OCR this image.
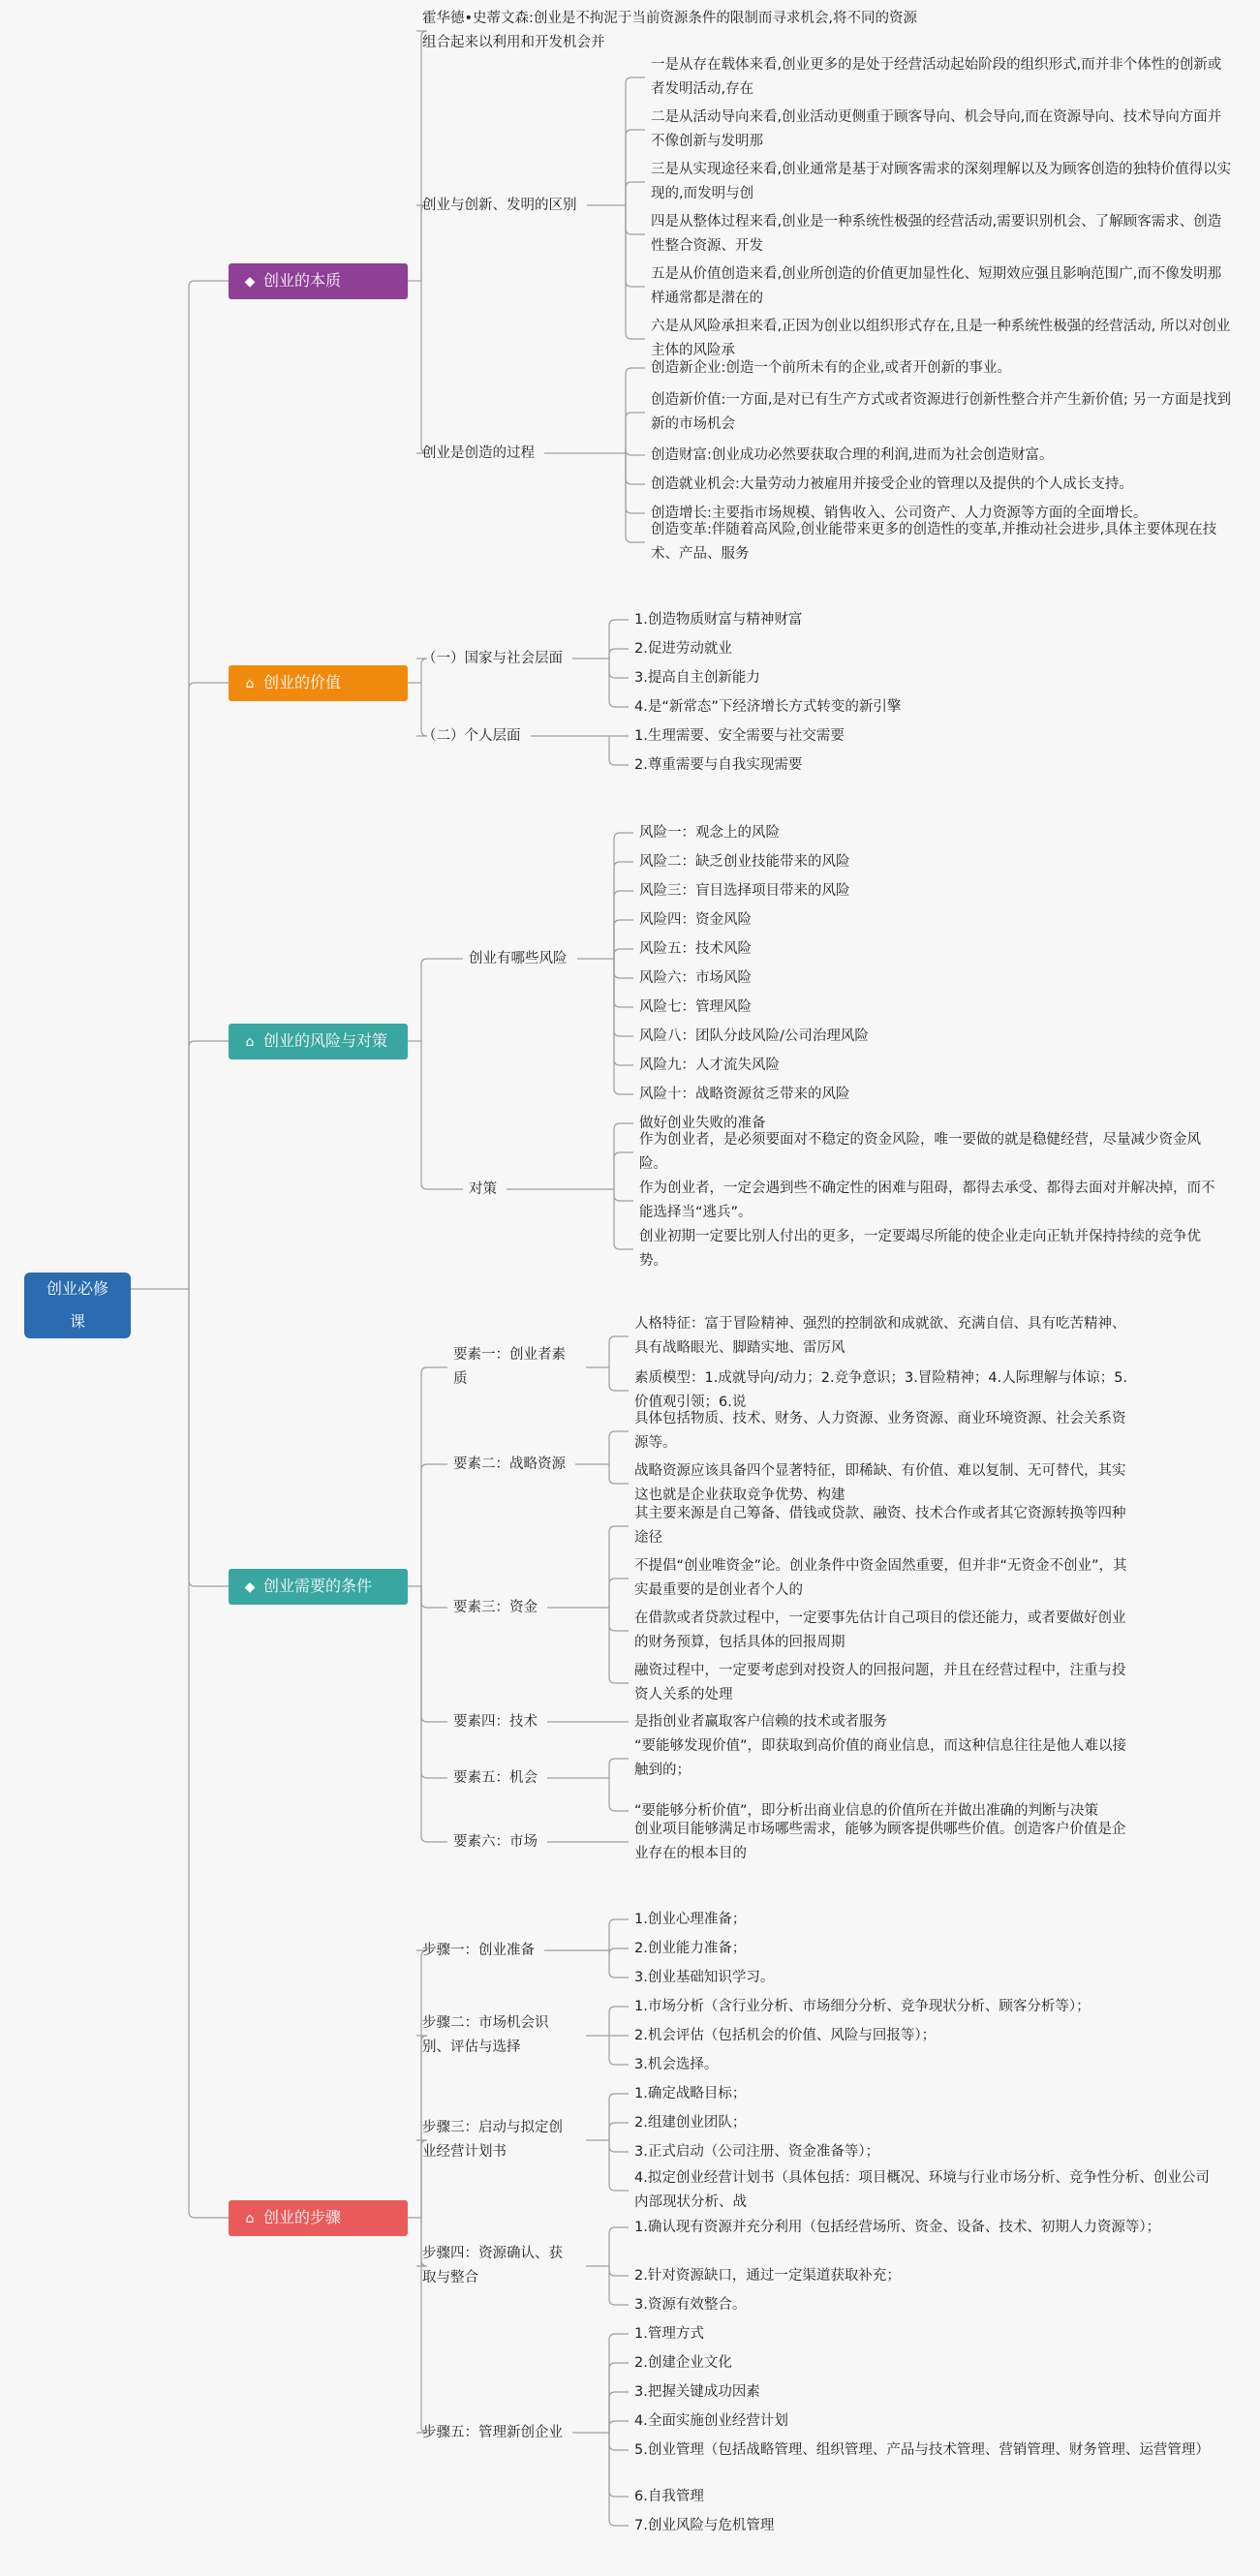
创业必修课
◆ 创业的本质
霍华德•史蒂文森:创业是不拘泥于当前资源条件的限制而寻求机会,将不同的资源组合起来以利用和开发机会并
创业与创新、发明的区别
一是从存在载体来看,创业更多的是处于经营活动起始阶段的组织形式,而并非个体性的创新或者发明活动,存在
二是从活动导向来看,创业活动更侧重于顾客导向、机会导向,而在资源导向、技术导向方面并不像创新与发明那
三是从实现途径来看,创业通常是基于对顾客需求的深刻理解以及为顾客创造的独特价值得以实现的,而发明与创
四是从整体过程来看,创业是一种系统性极强的经营活动,需要识别机会、了解顾客需求、创造性整合资源、开发
五是从价值创造来看,创业所创造的价值更加显性化、短期效应强且影响范围广,而不像发明那样通常都是潜在的
六是从风险承担来看,正因为创业以组织形式存在,且是一种系统性极强的经营活动, 所以对创业主体的风险承
创业是创造的过程
创造新企业:创造一个前所未有的企业,或者开创新的事业。
创造新价值:一方面,是对已有生产方式或者资源进行创新性整合并产生新价值; 另一方面是找到新的市场机会
创造财富:创业成功必然要获取合理的利润,进而为社会创造财富。
创造就业机会:大量劳动力被雇用并接受企业的管理以及提供的个人成长支持。
创造增长:主要指市场规模、销售收入、公司资产、人力资源等方面的全面增长。
创造变革:伴随着高风险,创业能带来更多的创造性的变革,并推动社会进步,具体主要体现在技术、产品、服务
⌂ 创业的价值
（一）国家与社会层面
1.创造物质财富与精神财富
2.促进劳动就业
3.提高自主创新能力
4.是“新常态”下经济增长方式转变的新引擎
（二）个人层面	1.生理需要、安全需要与社交需要
2.尊重需要与自我实现需要
⌂ 创业的风险与对策
创业有哪些风险
风险一：观念上的风险
风险二：缺乏创业技能带来的风险
风险三：盲目选择项目带来的风险
风险四：资金风险
风险五：技术风险
风险六：市场风险
风险七：管理风险
风险八：团队分歧风险/公司治理风险
风险九：人才流失风险
风险十：战略资源贫乏带来的风险
对策
做好创业失败的准备
作为创业者，是必须要面对不稳定的资金风险，唯一要做的就是稳健经营，尽量减少资金风险。
作为创业者，一定会遇到些不确定性的困难与阻碍，都得去承受、都得去面对并解决掉，而不能选择当“逃兵”。
创业初期一定要比别人付出的更多，一定要竭尽所能的使企业走向正轨并保持持续的竞争优势。
◆ 创业需要的条件
要素一：创业者素质
人格特征：富于冒险精神、强烈的控制欲和成就欲、充满自信、具有吃苦精神、具有战略眼光、脚踏实地、雷厉风
素质模型：1.成就导向/动力；2.竞争意识；3.冒险精神；4.人际理解与体谅；5.价值观引领；6.说
要素二：战略资源
具体包括物质、技术、财务、人力资源、业务资源、商业环境资源、社会关系资源等。
战略资源应该具备四个显著特征，即稀缺、有价值、难以复制、无可替代，其实这也就是企业获取竞争优势、构建
要素三：资金
其主要来源是自己筹备、借钱或贷款、融资、技术合作或者其它资源转换等四种途径
不提倡“创业唯资金”论。创业条件中资金固然重要，但并非“无资金不创业”，其实最重要的是创业者个人的
在借款或者贷款过程中，一定要事先估计自己项目的偿还能力，或者要做好创业的财务预算，包括具体的回报周期
融资过程中，一定要考虑到对投资人的回报问题，并且在经营过程中，注重与投资人关系的处理
要素四：技术	是指创业者赢取客户信赖的技术或者服务
要素五：机会
“要能够发现价值”，即获取到高价值的商业信息，而这种信息往往是他人难以接触到的；
“要能够分析价值”，即分析出商业信息的价值所在并做出准确的判断与决策
要素六：市场
创业项目能够满足市场哪些需求，能够为顾客提供哪些价值。创造客户价值是企业存在的根本目的
⌂ 创业的步骤
步骤一：创业准备
1.创业心理准备；
2.创业能力准备；
3.创业基础知识学习。
步骤二：市场机会识别、评估与选择
1.市场分析（含行业分析、市场细分分析、竞争现状分析、顾客分析等）；
2.机会评估（包括机会的价值、风险与回报等）；
3.机会选择。
步骤三：启动与拟定创业经营计划书
1.确定战略目标；
2.组建创业团队；
3.正式启动（公司注册、资金准备等）；
4.拟定创业经营计划书（具体包括：项目概况、环境与行业市场分析、竞争性分析、创业公司内部现状分析、战
步骤四：资源确认、获取与整合
1.确认现有资源并充分利用（包括经营场所、资金、设备、技术、初期人力资源等）；
2.针对资源缺口，通过一定渠道获取补充；
3.资源有效整合。
步骤五：管理新创企业
1.管理方式
2.创建企业文化
3.把握关键成功因素
4.全面实施创业经营计划
5.创业管理（包括战略管理、组织管理、产品与技术管理、营销管理、财务管理、运营管理）
6.自我管理
7.创业风险与危机管理
